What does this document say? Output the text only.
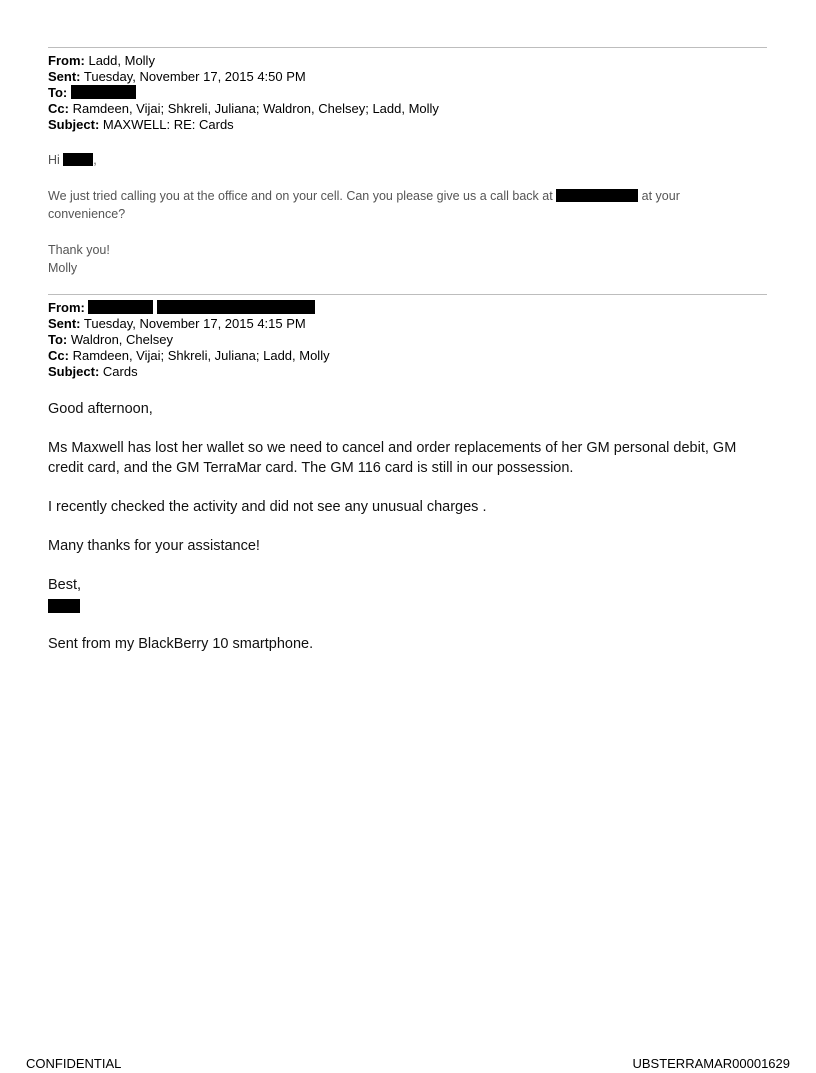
From: Ladd, Molly
Sent: Tuesday, November 17, 2015 4:50 PM
To:
Cc: Ramdeen, Vijai; Shkreli, Juliana; Waldron, Chelsey; Ladd, Molly
Subject: MAXWELL: RE: Cards
Hi	,
We just tried calling you at the office and on your cell. Can you please give us a call back at	at your
convenience?
Thank you!
Molly
From:
Sent: Tuesday, November 17, 2015 4:15 PM
To: Waldron, Chelsey
Cc: Ramdeen, Vijai; Shkreli, Juliana; Ladd, Molly
Subject: Cards
Good afternoon,
Ms Maxwell has lost her wallet so we need to cancel and order replacements of her GM personal debit, GM
credit card, and the GM TerraMar card. The GM 116 card is still in our possession.
I recently checked the activity and did not see any unusual charges .
Many thanks for your assistance!
Best,
Sent from my BlackBerry 10 smartphone.
CONFIDENTIAL	UBSTERRAMAR00001629
